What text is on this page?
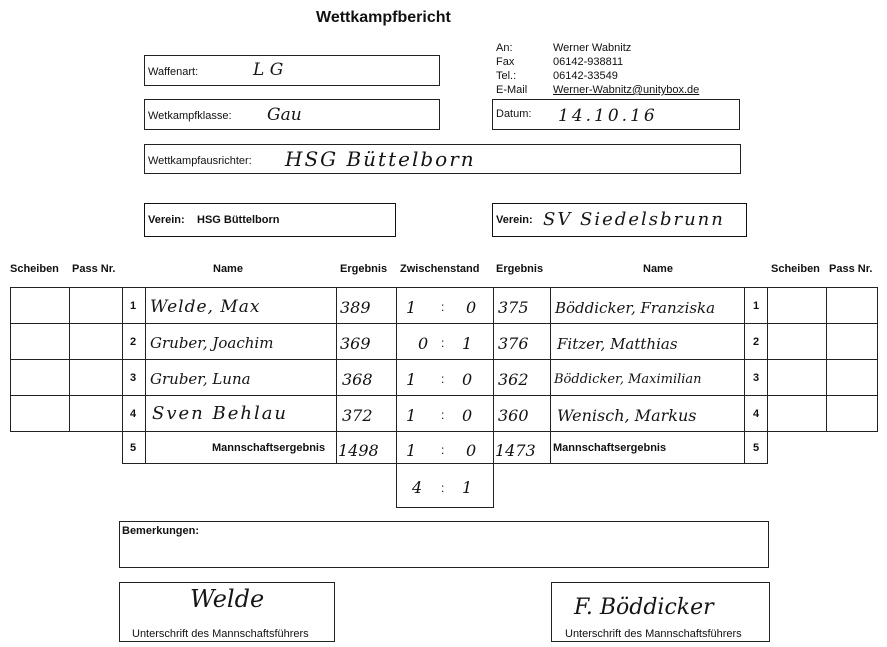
Wettkampfbericht
An:	Werner Wabnitz
Fax	06142-938811
Tel.:	06142-33549
E-Mail Werner-Wabnitz@unitybox.de
Waffenart:	L G
Wetkampfklasse: Gau	Datum: 14.10.16
Wettkampfausrichter: HSG Büttelborn
Verein: HSG Büttelborn	Verein: SV Siedelsbrunn
Scheiben Pass Nr.	Name	Ergebnis Zwischenstand Ergebnis	Name	Scheiben Pass Nr.
1 Welde, Max	389 1 : 0 375 Böddicker, Franziska	1
2 Gruber, Joachim	369	0 : 1 376 Fitzer, Matthias	2
3 Gruber, Luna	368 1 : 0 362 Böddicker, Maximilian	3
4 Sven Behlau	372 1 : 0 360 Wenisch, Markus	4
5	Mannschaftsergebnis 1498 1 : 0 1473 Mannschaftsergebnis	5
4 : 1
Bemerkungen:
Welde
Unterschrift des Mannschaftsführers
F. Böddicker
Unterschrift des Mannschaftsführers
